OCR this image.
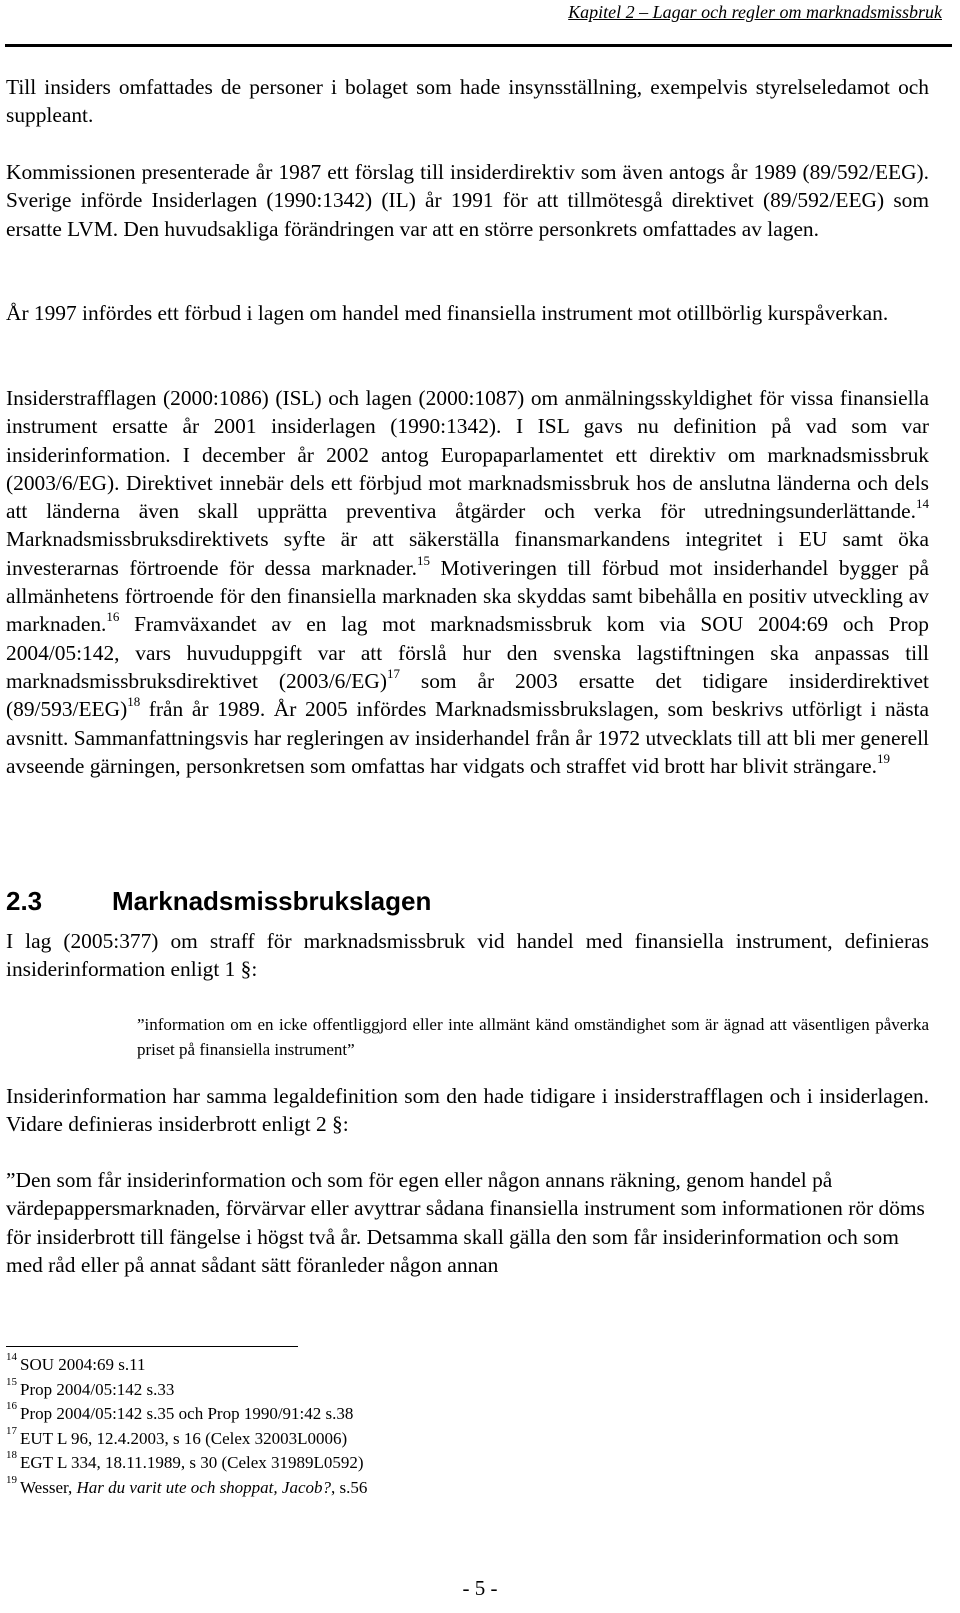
Kapitel 2 – Lagar och regler om marknadsmissbruk

Till insiders omfattades de personer i bolaget som hade insynsställning, exempelvis styrelseledamot och suppleant.

Kommissionen presenterade år 1987 ett förslag till insiderdirektiv som även antogs år 1989 (89/592/EEG). Sverige införde Insiderlagen (1990:1342) (IL) år 1991 för att tillmötesgå direktivet (89/592/EEG) som ersatte LVM. Den huvudsakliga förändringen var att en större personkrets omfattades av lagen.

År 1997 infördes ett förbud i lagen om handel med finansiella instrument mot otillbörlig kurspåverkan.

Insiderstrafflagen (2000:1086) (ISL) och lagen (2000:1087) om anmälningsskyldighet för vissa finansiella instrument ersatte år 2001 insiderlagen (1990:1342). I ISL gavs nu definition på vad som var insiderinformation. I december år 2002 antog Europaparlamentet ett direktiv om marknadsmissbruk (2003/6/EG). Direktivet innebär dels ett förbjud mot marknadsmissbruk hos de anslutna länderna och dels att länderna även skall upprätta preventiva åtgärder och verka för utredningsunderlättande.$^{14}$ Marknadsmissbruksdirektivets syfte är att säkerställa finansmarkandens integritet i EU samt öka investerarnas förtroende för dessa marknader.$^{15}$ Motiveringen till förbud mot insiderhandel bygger på allmänhetens förtroende för den finansiella marknaden ska skyddas samt bibehålla en positiv utveckling av marknaden.$^{16}$ Framväxandet av en lag mot marknadsmissbruk kom via SOU 2004:69 och Prop 2004/05:142, vars huvuduppgift var att förslå hur den svenska lagstiftningen ska anpassas till marknadsmissbruksdirektivet $(2003/6/EG)^{17}$ som år 2003 ersatte det tidigare insiderdirektivet $(89/593/EEG)^{18}$ från år 1989. År 2005 infördes Marknadsmissbrukslagen, som beskrivs utförligt i nästa avsnitt. Sammanfattningsvis har regleringen av insiderhandel från år 1972 utvecklats till att bli mer generell avseende gärningen, personkretsen som omfattas har vidgats och straffet vid brott har blivit strängare.$^{19}$

2.3	Marknadsmissbrukslagen

I lag (2005:377) om straff för marknadsmissbruk vid handel med finansiella instrument, definieras insiderinformation enligt 1 §:

”information om en icke offentliggjord eller inte allmänt känd omständighet som är ägnad att väsentligen påverka priset på finansiella instrument”

Insiderinformation har samma legaldefinition som den hade tidigare i insiderstrafflagen och i insiderlagen. Vidare definieras insiderbrott enligt 2 §:

”Den som får insiderinformation och som för egen eller någon annans räkning, genom handel på värdepappersmarknaden, förvärvar eller avyttrar sådana finansiella instrument som informationen rör döms för insiderbrott till fängelse i högst två år. Detsamma skall gälla den som får insiderinformation och som med råd eller på annat sådant sätt föranleder någon annan

$^{14}$ SOU 2004:69 s.11
$^{15}$ Prop 2004/05:142 s.33
$^{16}$ Prop 2004/05:142 s.35 och Prop 1990/91:42 s.38
$^{17}$ EUT L 96, 12.4.2003, s 16 (Celex 32003L0006)
$^{18}$ EGT L 334, 18.11.1989, s 30 (Celex 31989L0592)
$^{19}$ Wesser, Har du varit ute och shoppat, Jacob?, s.56
- 5 -
